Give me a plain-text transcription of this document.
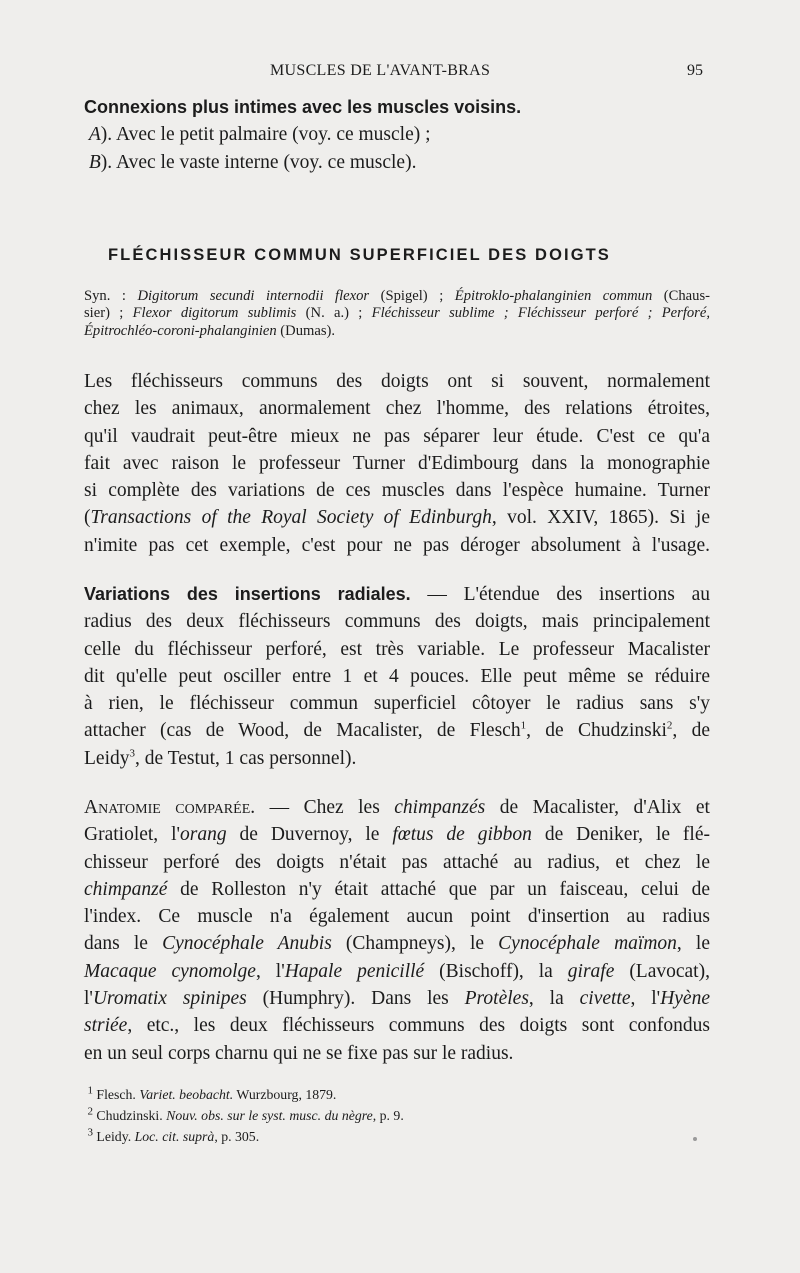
MUSCLES DE L'AVANT-BRAS	95
Connexions plus intimes avec les muscles voisins.
A). Avec le petit palmaire (voy. ce muscle) ;
B). Avec le vaste interne (voy. ce muscle).
FLÉCHISSEUR COMMUN SUPERFICIEL DES DOIGTS
Syn. : Digitorum secundi internodii flexor (Spigel) ; Épitroklo-phalanginien commun (Chaus-
sier) ; Flexor digitorum sublimis (N. a.) ; Fléchisseur sublime ; Fléchisseur perforé ; Perforé,
Épitrochléo-coroni-phalanginien (Dumas).
Les fléchisseurs communs des doigts ont si souvent, normalement
chez les animaux, anormalement chez l'homme, des relations étroites,
qu'il vaudrait peut-être mieux ne pas séparer leur étude. C'est ce qu'a
fait avec raison le professeur Turner d'Edimbourg dans la monographie
si complète des variations de ces muscles dans l'espèce humaine. Turner
(Transactions of the Royal Society of Edinburgh, vol. XXIV, 1865). Si je
n'imite pas cet exemple, c'est pour ne pas déroger absolument à l'usage.
Variations des insertions radiales. — L'étendue des insertions au
radius des deux fléchisseurs communs des doigts, mais principalement
celle du fléchisseur perforé, est très variable. Le professeur Macalister
dit qu'elle peut osciller entre 1 et 4 pouces. Elle peut même se réduire
à rien, le fléchisseur commun superficiel côtoyer le radius sans s'y
attacher (cas de Wood, de Macalister, de Flesch$^1$, de Chudzinski$^2$, de
Leidy$^3$, de Testut, 1 cas personnel).
Anatomie comparée. — Chez les chimpanzés de Macalister, d'Alix et
Gratiolet, l'orang de Duvernoy, le fœtus de gibbon de Deniker, le flé-
chisseur perforé des doigts n'était pas attaché au radius, et chez le
chimpanzé de Rolleston n'y était attaché que par un faisceau, celui de
l'index. Ce muscle n'a également aucun point d'insertion au radius
dans le Cynocéphale Anubis (Champneys), le Cynocéphale maïmon, le
Macaque cynomolge, l'Hapale penicillé (Bischoff), la girafe (Lavocat),
l'Uromatix spinipes (Humphry). Dans les Protèles, la civette, l'Hyène
striée, etc., les deux fléchisseurs communs des doigts sont confondus
en un seul corps charnu qui ne se fixe pas sur le radius.
$^1$ Flesch. Variet. beobacht. Wurzbourg, 1879.
$^2$ Chudzinski. Nouv. obs. sur le syst. musc. du nègre, p. 9.
$^3$ Leidy. Loc. cit. suprà, p. 305.
